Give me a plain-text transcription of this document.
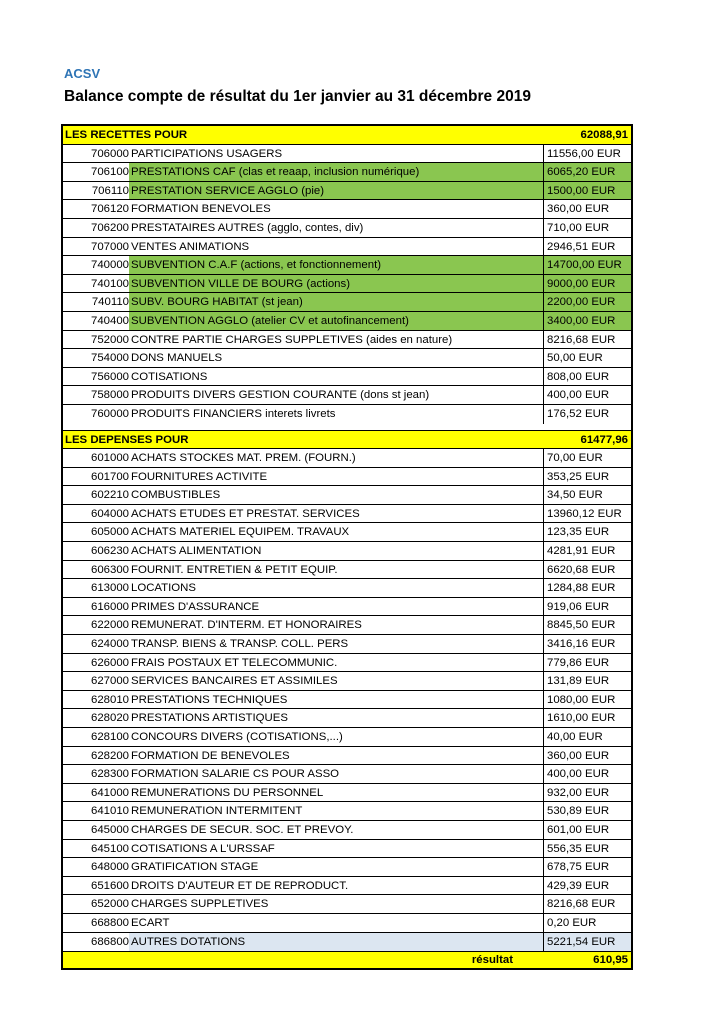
ACSV
Balance compte de résultat du 1er janvier au 31 décembre 2019
LES RECETTES POUR	62088,91
706000 PARTICIPATIONS USAGERS	11556,00 EUR
706100 PRESTATIONS CAF (clas et reaap, inclusion numérique)	6065,20 EUR
706110 PRESTATION SERVICE AGGLO (pie)	1500,00 EUR
706120 FORMATION BENEVOLES	360,00 EUR
706200 PRESTATAIRES AUTRES (agglo, contes, div)	710,00 EUR
707000 VENTES ANIMATIONS	2946,51 EUR
740000 SUBVENTION C.A.F (actions, et fonctionnement)	14700,00 EUR
740100 SUBVENTION VILLE DE BOURG (actions)	9000,00 EUR
740110 SUBV. BOURG HABITAT (st jean)	2200,00 EUR
740400 SUBVENTION AGGLO (atelier CV et autofinancement)	3400,00 EUR
752000 CONTRE PARTIE CHARGES SUPPLETIVES (aides en nature)	8216,68 EUR
754000 DONS MANUELS	50,00 EUR
756000 COTISATIONS	808,00 EUR
758000 PRODUITS DIVERS GESTION COURANTE (dons st jean)	400,00 EUR
760000 PRODUITS FINANCIERS interets livrets	176,52 EUR
LES DEPENSES POUR	61477,96
601000 ACHATS STOCKES MAT. PREM. (FOURN.)	70,00 EUR
601700 FOURNITURES ACTIVITE	353,25 EUR
602210 COMBUSTIBLES	34,50 EUR
604000 ACHATS ETUDES ET PRESTAT. SERVICES	13960,12 EUR
605000 ACHATS MATERIEL EQUIPEM. TRAVAUX	123,35 EUR
606230 ACHATS ALIMENTATION	4281,91 EUR
606300 FOURNIT. ENTRETIEN & PETIT EQUIP.	6620,68 EUR
613000 LOCATIONS	1284,88 EUR
616000 PRIMES D'ASSURANCE	919,06 EUR
622000 REMUNERAT. D'INTERM. ET HONORAIRES	8845,50 EUR
624000 TRANSP. BIENS & TRANSP. COLL. PERS	3416,16 EUR
626000 FRAIS POSTAUX ET TELECOMMUNIC.	779,86 EUR
627000 SERVICES BANCAIRES ET ASSIMILES	131,89 EUR
628010 PRESTATIONS TECHNIQUES	1080,00 EUR
628020 PRESTATIONS ARTISTIQUES	1610,00 EUR
628100 CONCOURS DIVERS (COTISATIONS,...)	40,00 EUR
628200 FORMATION DE BENEVOLES	360,00 EUR
628300 FORMATION SALARIE CS POUR ASSO	400,00 EUR
641000 REMUNERATIONS DU PERSONNEL	932,00 EUR
641010 REMUNERATION INTERMITENT	530,89 EUR
645000 CHARGES DE SECUR. SOC. ET PREVOY.	601,00 EUR
645100 COTISATIONS A L'URSSAF	556,35 EUR
648000 GRATIFICATION STAGE	678,75 EUR
651600 DROITS D'AUTEUR ET DE REPRODUCT.	429,39 EUR
652000 CHARGES SUPPLETIVES	8216,68 EUR
668800 ECART	0,20 EUR
686800 AUTRES DOTATIONS	5221,54 EUR
résultat	610,95
